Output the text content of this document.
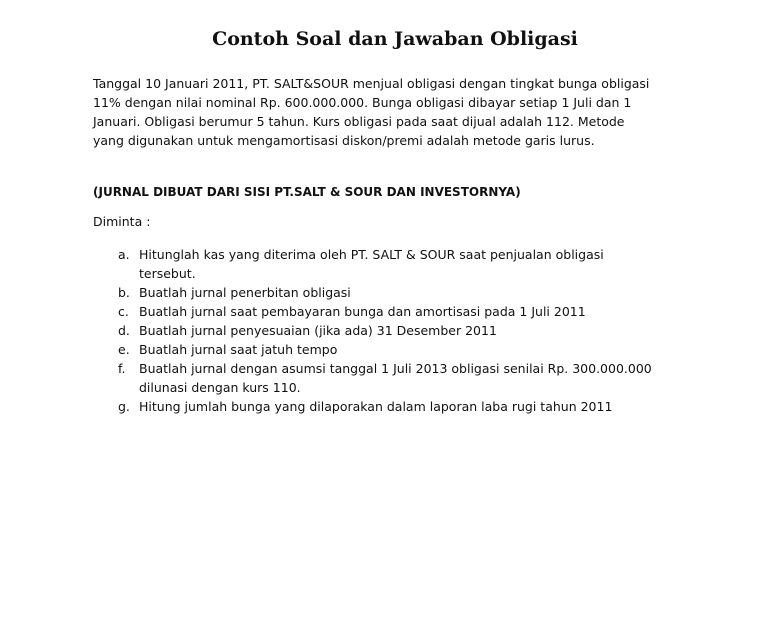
Contoh Soal dan Jawaban Obligasi

Tanggal 10 Januari 2011, PT. SALT&SOUR menjual obligasi dengan tingkat bunga obligasi 11% dengan nilai nominal Rp. 600.000.000. Bunga obligasi dibayar setiap 1 Juli dan 1 Januari. Obligasi berumur 5 tahun. Kurs obligasi pada saat dijual adalah 112. Metode yang digunakan untuk mengamortisasi diskon/premi adalah metode garis lurus.

(JURNAL DIBUAT DARI SISI PT.SALT & SOUR DAN INVESTORNYA)

Diminta :

a. Hitunglah kas yang diterima oleh PT. SALT & SOUR saat penjualan obligasi tersebut.
b. Buatlah jurnal penerbitan obligasi
c. Buatlah jurnal saat pembayaran bunga dan amortisasi pada 1 Juli 2011
d. Buatlah jurnal penyesuaian (jika ada) 31 Desember 2011
e. Buatlah jurnal saat jatuh tempo
f.	Buatlah jurnal dengan asumsi tanggal 1 Juli 2013 obligasi senilai Rp. 300.000.000 dilunasi dengan kurs 110.
g. Hitung jumlah bunga yang dilaporakan dalam laporan laba rugi tahun 2011
